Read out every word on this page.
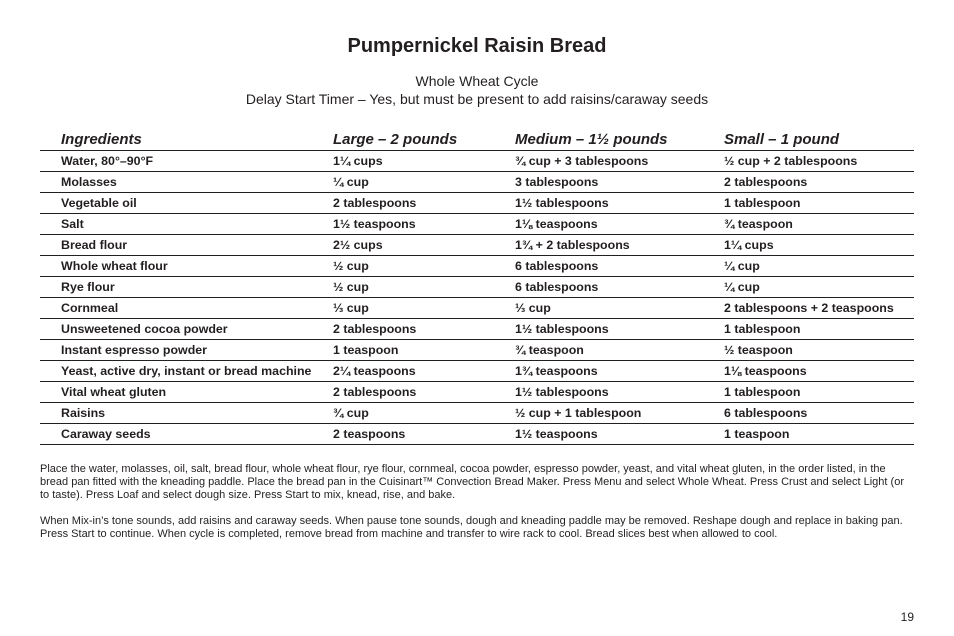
Pumpernickel Raisin Bread
Whole Wheat Cycle
Delay Start Timer – Yes, but must be present to add raisins/caraway seeds
Ingredients	Large – 2 pounds	Medium – 1½ pounds	Small – 1 pound
Water, 80°–90°F	1¼ cups	¾ cup + 3 tablespoons	½ cup + 2 tablespoons
Molasses	¼ cup	3 tablespoons	2 tablespoons
Vegetable oil	2 tablespoons	1½ tablespoons	1 tablespoon
Salt	1½ teaspoons	1⅛ teaspoons	¾ teaspoon
Bread flour	2½ cups	1¾ + 2 tablespoons	1¼ cups
Whole wheat flour	½ cup	6 tablespoons	¼ cup
Rye flour	½ cup	6 tablespoons	¼ cup
Cornmeal	⅓ cup	⅓ cup	2 tablespoons + 2 teaspoons
Unsweetened cocoa powder	2 tablespoons	1½ tablespoons	1 tablespoon
Instant espresso powder	1 teaspoon	¾ teaspoon	½ teaspoon
Yeast, active dry, instant or bread machine	2¼ teaspoons	1¾ teaspoons	1⅛ teaspoons
Vital wheat gluten	2 tablespoons	1½ tablespoons	1 tablespoon
Raisins	¾ cup	½ cup + 1 tablespoon	6 tablespoons
Caraway seeds	2 teaspoons	1½ teaspoons	1 teaspoon
Place the water, molasses, oil, salt, bread flour, whole wheat flour, rye flour, cornmeal, cocoa powder, espresso powder, yeast, and vital wheat gluten, in the order listed, in the bread pan fitted with the kneading paddle. Place the bread pan in the Cuisinart™ Convection Bread Maker. Press Menu and select Whole Wheat. Press Crust and select Light (or to taste). Press Loaf and select dough size. Press Start to mix, knead, rise, and bake.
When Mix-in’s tone sounds, add raisins and caraway seeds. When pause tone sounds, dough and kneading paddle may be removed. Reshape dough and replace in baking pan. Press Start to continue. When cycle is completed, remove bread from machine and transfer to wire rack to cool. Bread slices best when allowed to cool.
19
